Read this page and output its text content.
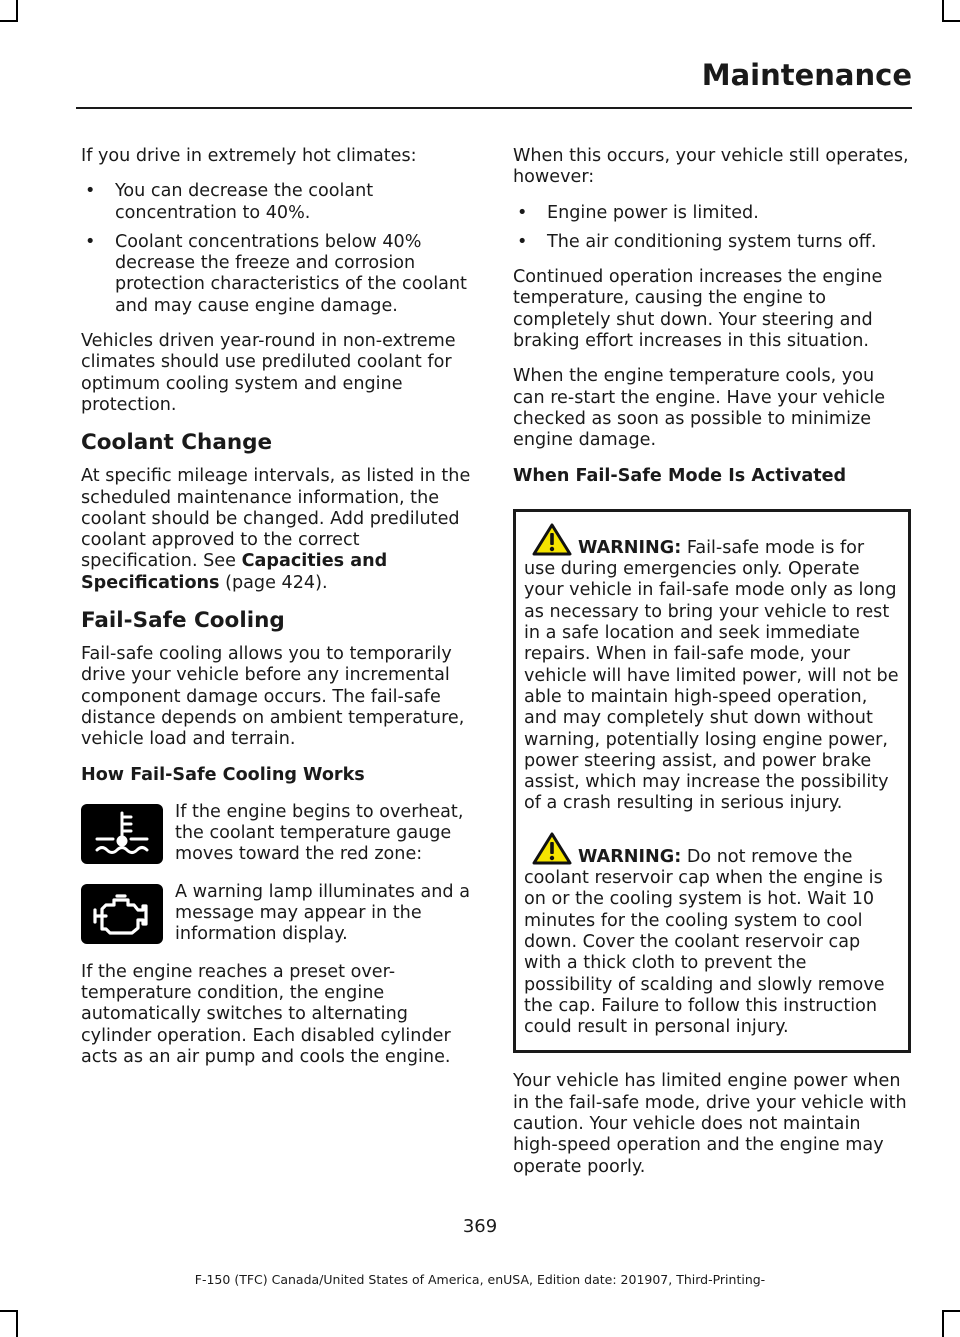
Maintenance

If you drive in extremely hot climates:

• You can decrease the coolant concentration to 40%.
• Coolant concentrations below 40% decrease the freeze and corrosion protection characteristics of the coolant and may cause engine damage.

Vehicles driven year-round in non-extreme climates should use prediluted coolant for optimum cooling system and engine protection.

Coolant Change

At specific mileage intervals, as listed in the scheduled maintenance information, the coolant should be changed. Add prediluted coolant approved to the correct specification. See Capacities and Specifications (page 424).

Fail-Safe Cooling

Fail-safe cooling allows you to temporarily drive your vehicle before any incremental component damage occurs. The fail-safe distance depends on ambient temperature, vehicle load and terrain.

How Fail-Safe Cooling Works
If the engine begins to overheat, the coolant temperature gauge moves toward the red zone:
A warning lamp illuminates and a message may appear in the information display.

If the engine reaches a preset over-temperature condition, the engine automatically switches to alternating cylinder operation. Each disabled cylinder acts as an air pump and cools the engine.

When this occurs, your vehicle still operates, however:

• Engine power is limited.
• The air conditioning system turns off.

Continued operation increases the engine temperature, causing the engine to completely shut down. Your steering and braking effort increases in this situation.

When the engine temperature cools, you can re-start the engine. Have your vehicle checked as soon as possible to minimize engine damage.

When Fail-Safe Mode Is Activated

WARNING: Fail-safe mode is for use during emergencies only. Operate your vehicle in fail-safe mode only as long as necessary to bring your vehicle to rest in a safe location and seek immediate repairs. When in fail-safe mode, your vehicle will have limited power, will not be able to maintain high-speed operation, and may completely shut down without warning, potentially losing engine power, power steering assist, and power brake assist, which may increase the possibility of a crash resulting in serious injury.

WARNING: Do not remove the coolant reservoir cap when the engine is on or the cooling system is hot. Wait 10 minutes for the cooling system to cool down. Cover the coolant reservoir cap with a thick cloth to prevent the possibility of scalding and slowly remove the cap. Failure to follow this instruction could result in personal injury.

Your vehicle has limited engine power when in the fail-safe mode, drive your vehicle with caution. Your vehicle does not maintain high-speed operation and the engine may operate poorly.

369
F-150 (TFC) Canada/United States of America, enUSA, Edition date: 201907, Third-Printing-
